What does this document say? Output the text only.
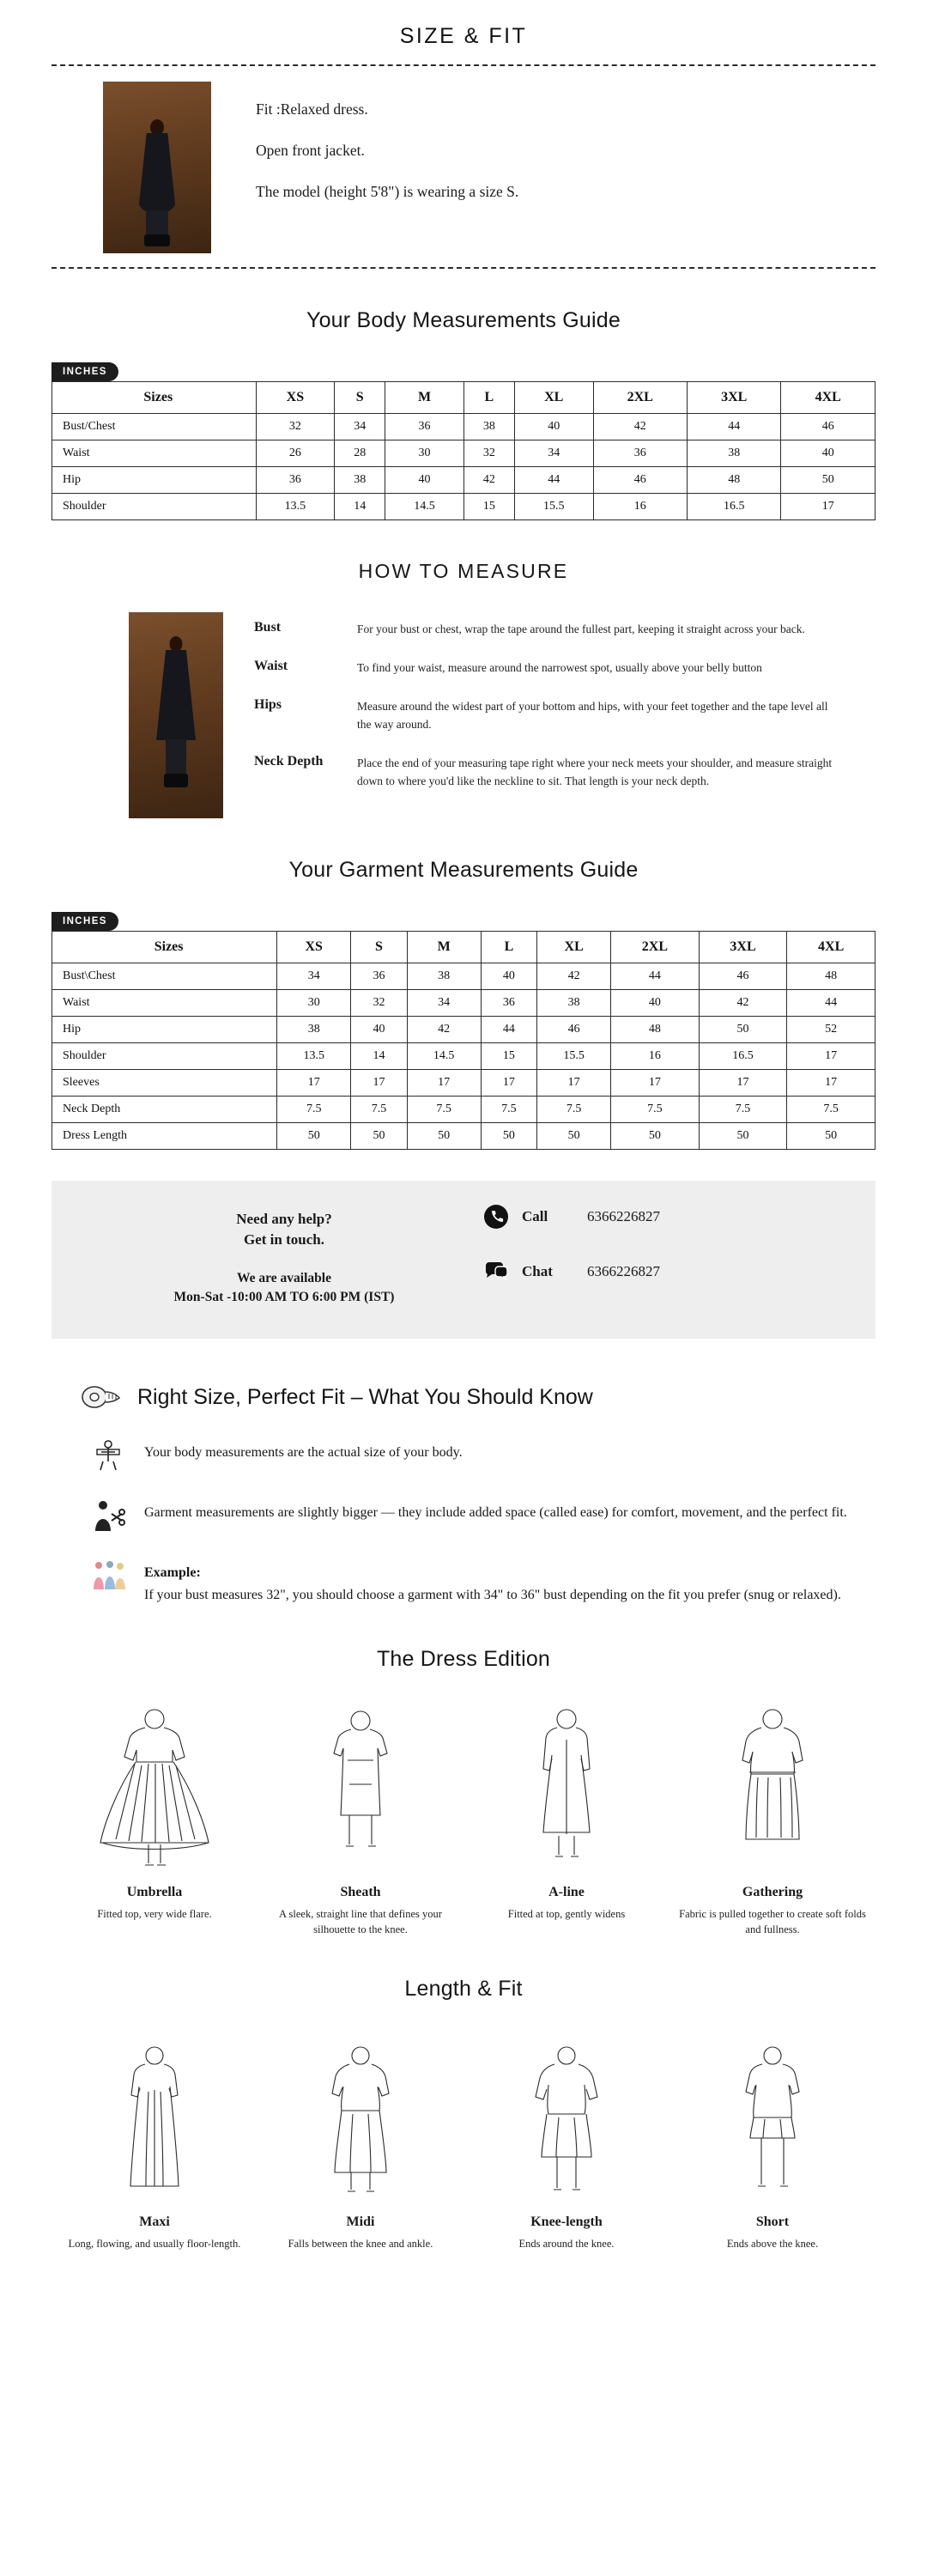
SIZE & FIT

Fit :Relaxed dress.

Open front jacket.

The model (height 5'8") is wearing a size S.

Your Body Measurements Guide
INCHES
Sizes	XS	S	M	L	XL	2XL	3XL	4XL
Bust/Chest	32	34	36	38	40	42	44	46
Waist	26	28	30	32	34	36	38	40
Hip	36	38	40	42	44	46	48	50
Shoulder	13.5	14	14.5	15	15.5	16	16.5	17
HOW TO MEASURE
Bust	For your bust or chest, wrap the tape around the fullest part, keeping it straight across your back.
Waist	To find your waist, measure around the narrowest spot, usually above your belly button
Hips	Measure around the widest part of your bottom and hips, with your feet together and the tape level all the way around.
Neck Depth	Place the end of your measuring tape right where your neck meets your shoulder, and measure straight down to where you'd like the neckline to sit. That length is your neck depth.
Your Garment Measurements Guide
INCHES
Sizes	XS	S	M	L	XL	2XL	3XL	4XL
Bust\Chest	34	36	38	40	42	44	46	48
Waist	30	32	34	36	38	40	42	44
Hip	38	40	42	44	46	48	50	52
Shoulder	13.5	14	14.5	15	15.5	16	16.5	17
Sleeves	17	17	17	17	17	17	17	17
Neck Depth	7.5	7.5	7.5	7.5	7.5	7.5	7.5	7.5
Dress Length	50	50	50	50	50	50	50	50
Need any help?
Get in touch.
We are available
Mon-Sat -10:00 AM TO 6:00 PM (IST)
Call	6366226827
Chat	6366226827
Right Size, Perfect Fit – What You Should Know
Your body measurements are the actual size of your body.
Garment measurements are slightly bigger — they include added space (called ease) for comfort, movement, and the perfect fit.
Example:
If your bust measures 32", you should choose a garment with 34" to 36" bust depending on the fit you prefer (snug or relaxed).
The Dress Edition
Umbrella
Fitted top, very wide flare.
Sheath
A sleek, straight line that defines your silhouette to the knee.
A-line
Fitted at top, gently widens
Gathering
Fabric is pulled together to create soft folds and fullness.
Length & Fit
Maxi
Long, flowing, and usually floor-length.
Midi
Falls between the knee and ankle.
Knee-length
Ends around the knee.
Short
Ends above the knee.
